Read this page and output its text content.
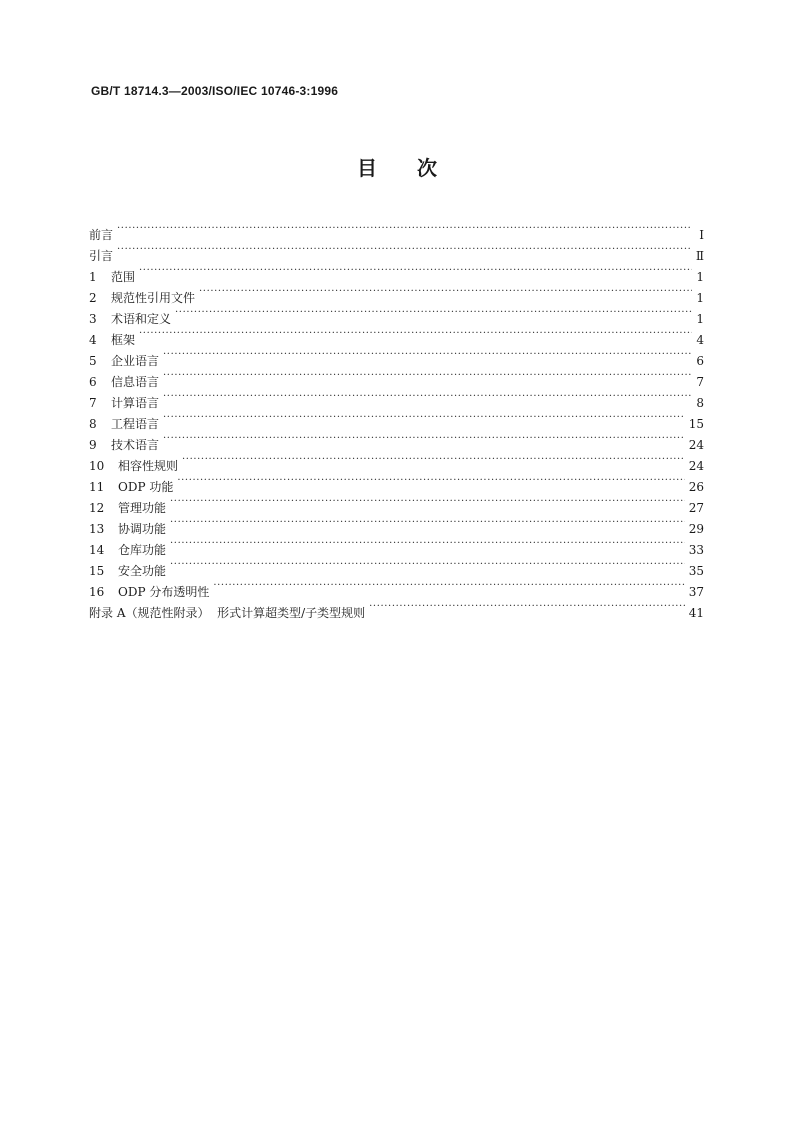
GB/T 18714.3—2003/ISO/IEC 10746-3:1996
目 次
前言 ·····	Ⅰ
引言 ·····	Ⅱ
1	范围 ·····	1
2	规范性引用文件 ·····	1
3	术语和定义 ·····	1
4	框架 ·····	4
5	企业语言 ·····	6
6	信息语言 ·····	7
7	计算语言 ·····	8
8	工程语言 ·····	15
9	技术语言 ·····	24
10	相容性规则 ·····	24
11	ODP 功能 ·····	26
12	管理功能 ·····	27
13	协调功能 ·····	29
14	仓库功能 ·····	33
15	安全功能 ·····	35
16	ODP 分布透明性 ·····	37
附录 A（规范性附录）  形式计算超类型/子类型规则 ·····	41
